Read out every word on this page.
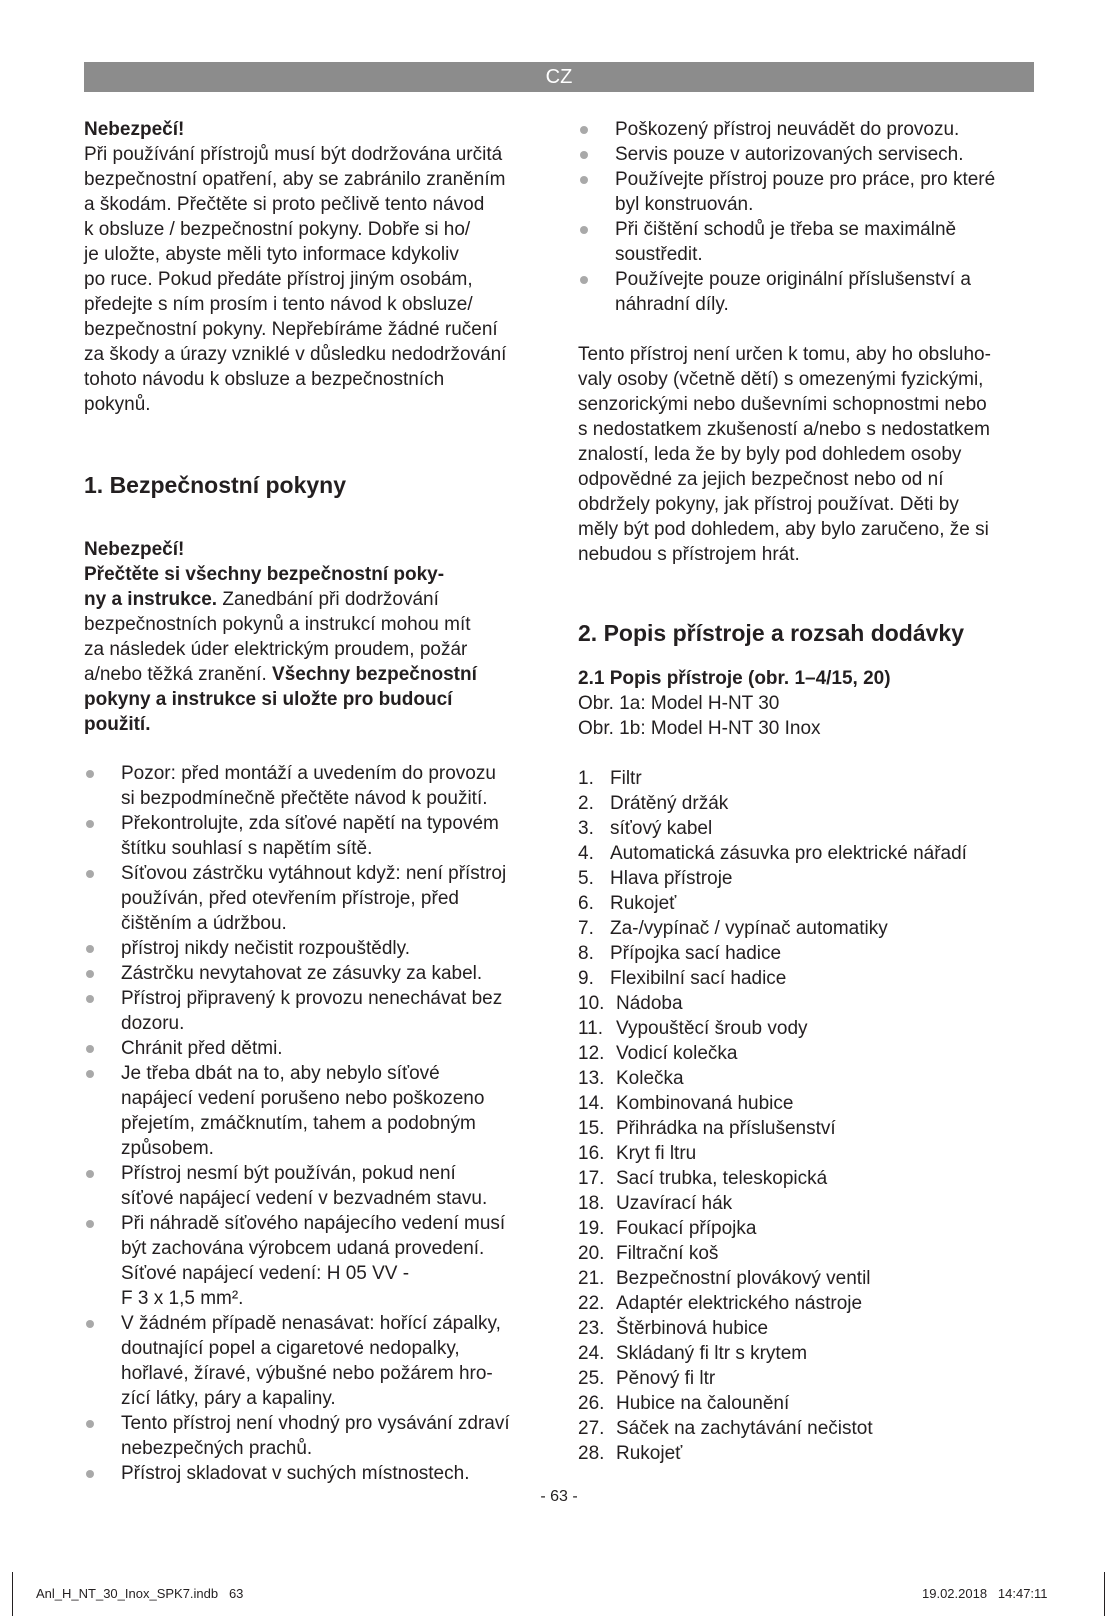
CZ
Nebezpečí!
Při používání přístrojů musí být dodržována určitá
bezpečnostní opatření, aby se zabránilo zraněním
a škodám. Přečtěte si proto pečlivě tento návod
k obsluze / bezpečnostní pokyny. Dobře si ho/
je uložte, abyste měli tyto informace kdykoliv
po ruce. Pokud předáte přístroj jiným osobám,
předejte s ním prosím i tento návod k obsluze/
bezpečnostní pokyny. Nepřebíráme žádné ručení
za škody a úrazy vzniklé v důsledku nedodržování
tohoto návodu k obsluze a bezpečnostních
pokynů.
1. Bezpečnostní pokyny
Nebezpečí!
Přečtěte si všechny bezpečnostní poky-
ny a instrukce. Zanedbání při dodržování
bezpečnostních pokynů a instrukcí mohou mít
za následek úder elektrickým proudem, požár
a/nebo těžká zranění. Všechny bezpečnostní
pokyny a instrukce si uložte pro budoucí
použití.
Pozor: před montáží a uvedením do provozu
si bezpodmínečně přečtěte návod k použití.
Překontrolujte, zda síťové napětí na typovém
štítku souhlasí s napětím sítě.
Síťovou zástrčku vytáhnout když: není přístroj
používán, před otevřením přístroje, před
čištěním a údržbou.
přístroj nikdy nečistit rozpouštědly.
Zástrčku nevytahovat ze zásuvky za kabel.
Přístroj připravený k provozu nenechávat bez
dozoru.
Chránit před dětmi.
Je třeba dbát na to, aby nebylo síťové
napájecí vedení porušeno nebo poškozeno
přejetím, zmáčknutím, tahem a podobným
způsobem.
Přístroj nesmí být používán, pokud není
síťové napájecí vedení v bezvadném stavu.
Při náhradě síťového napájecího vedení musí
být zachována výrobcem udaná provedení.
Síťové napájecí vedení: H 05 VV -
F 3 x 1,5 mm².
V žádném případě nenasávat: hořící zápalky,
doutnající popel a cigaretové nedopalky,
hořlavé, žíravé, výbušné nebo požárem hro-
zící látky, páry a kapaliny.
Tento přístroj není vhodný pro vysávání zdraví
nebezpečných prachů.
Přístroj skladovat v suchých místnostech.
Poškozený přístroj neuvádět do provozu.
Servis pouze v autorizovaných servisech.
Používejte přístroj pouze pro práce, pro které
byl konstruován.
Při čištění schodů je třeba se maximálně
soustředit.
Používejte pouze originální příslušenství a
náhradní díly.
Tento přístroj není určen k tomu, aby ho obsluho-
valy osoby (včetně dětí) s omezenými fyzickými,
senzorickými nebo duševními schopnostmi nebo
s nedostatkem zkušeností a/nebo s nedostatkem
znalostí, leda že by byly pod dohledem osoby
odpovědné za jejich bezpečnost nebo od ní
obdržely pokyny, jak přístroj používat. Děti by
měly být pod dohledem, aby bylo zaručeno, že si
nebudou s přístrojem hrát.
2. Popis přístroje a rozsah dodávky
2.1 Popis přístroje (obr. 1–4/15, 20)
Obr. 1a: Model H-NT 30
Obr. 1b: Model H-NT 30 Inox
1. Filtr
2. Drátěný držák
3. síťový kabel
4. Automatická zásuvka pro elektrické nářadí
5. Hlava přístroje
6. Rukojeť
7. Za-/vypínač / vypínač automatiky
8. Přípojka sací hadice
9. Flexibilní sací hadice
10. Nádoba
11. Vypouštěcí šroub vody
12. Vodicí kolečka
13. Kolečka
14. Kombinovaná hubice
15. Přihrádka na příslušenství
16. Kryt fi ltru
17. Sací trubka, teleskopická
18. Uzavírací hák
19. Foukací přípojka
20. Filtrační koš
21. Bezpečnostní plovákový ventil
22. Adaptér elektrického nástroje
23. Štěrbinová hubice
24. Skládaný fi ltr s krytem
25. Pěnový fi ltr
26. Hubice na čalounění
27. Sáček na zachytávání nečistot
28. Rukojeť
- 63 -
Anl_H_NT_30_Inox_SPK7.indb   63	19.02.2018   14:47:11
